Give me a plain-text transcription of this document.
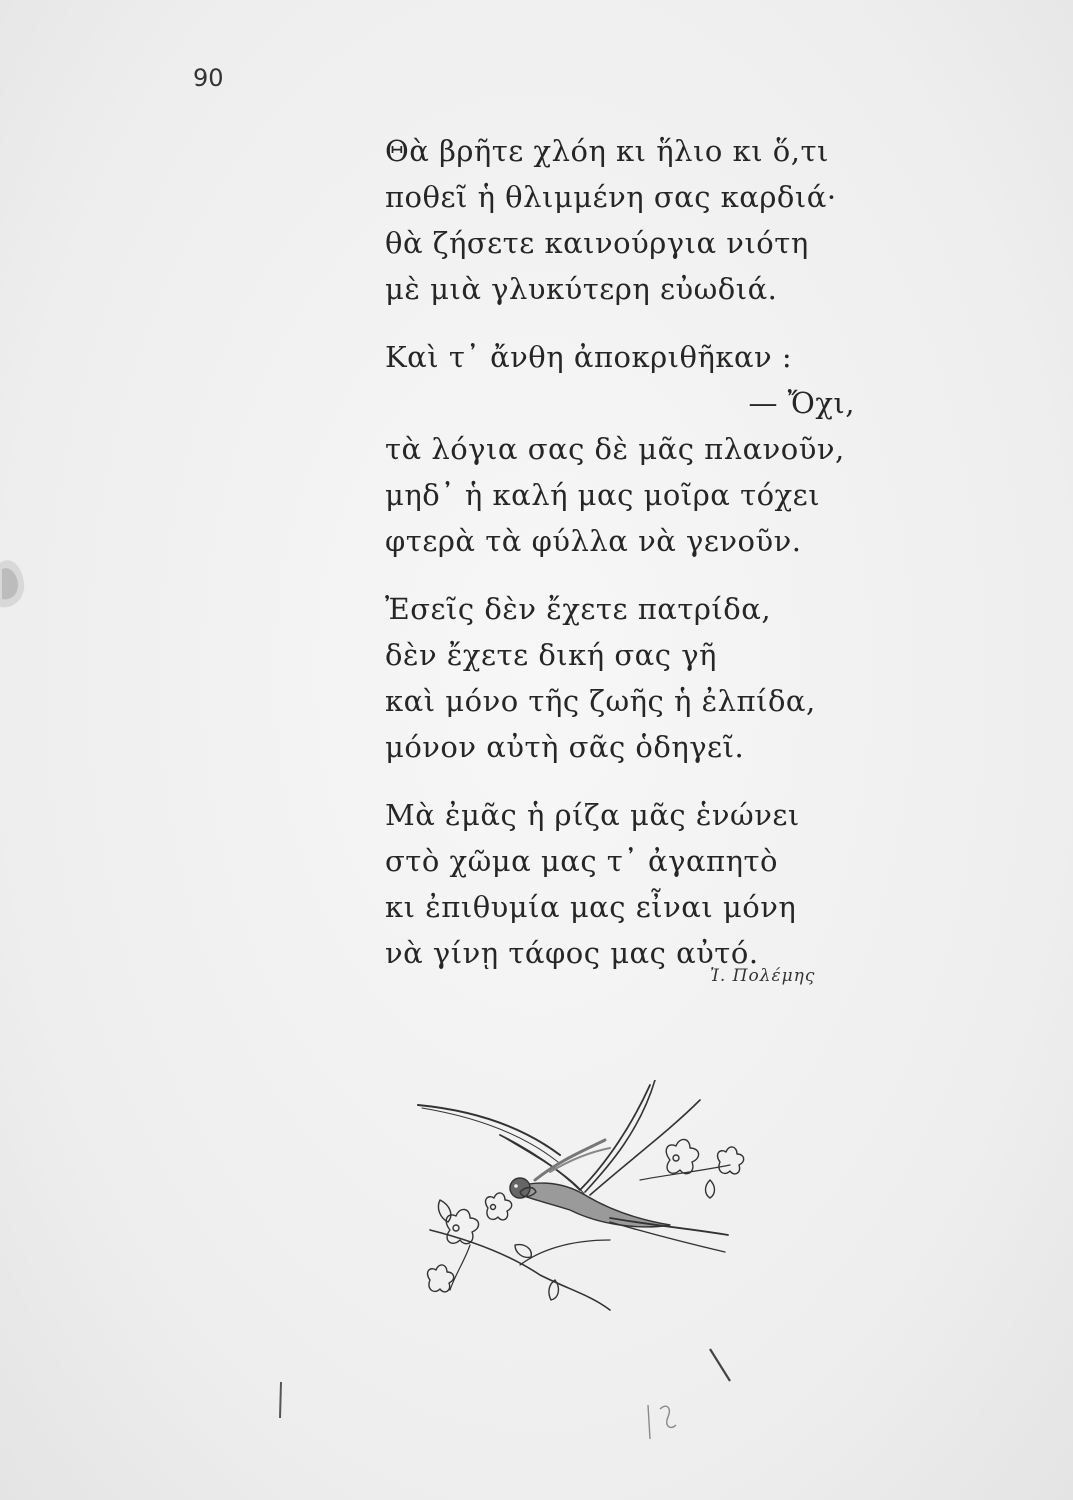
90
Θὰ βρῆτε χλόη κι ἥλιο κι ὅ,τι
ποθεῖ ἡ θλιμμένη σας καρδιά·
θὰ ζήσετε καινούργια νιότη
μὲ μιὰ γλυκύτερη εὐωδιά.
Καὶ τ᾽ ἄνθη ἀποκριθῆκαν :
— Ὄχι,
τὰ λόγια σας δὲ μᾶς πλανοῦν,
μηδ᾽ ἡ καλή μας μοῖρα τόχει
φτερὰ τὰ φύλλα νὰ γενοῦν.
Ἐσεῖς δὲν ἔχετε πατρίδα,
δὲν ἔχετε δική σας γῆ
καὶ μόνο τῆς ζωῆς ἡ ἐλπίδα,
μόνον αὐτὴ σᾶς ὁδηγεῖ.
Μὰ ἐμᾶς ἡ ρίζα μᾶς ἑνώνει
στὸ χῶμα μας τ᾽ ἀγαπητὸ
κι ἐπιθυμία μας εἶναι μόνη
νὰ γίνῃ τάφος μας αὐτό.
Ἰ. Πολέμης
